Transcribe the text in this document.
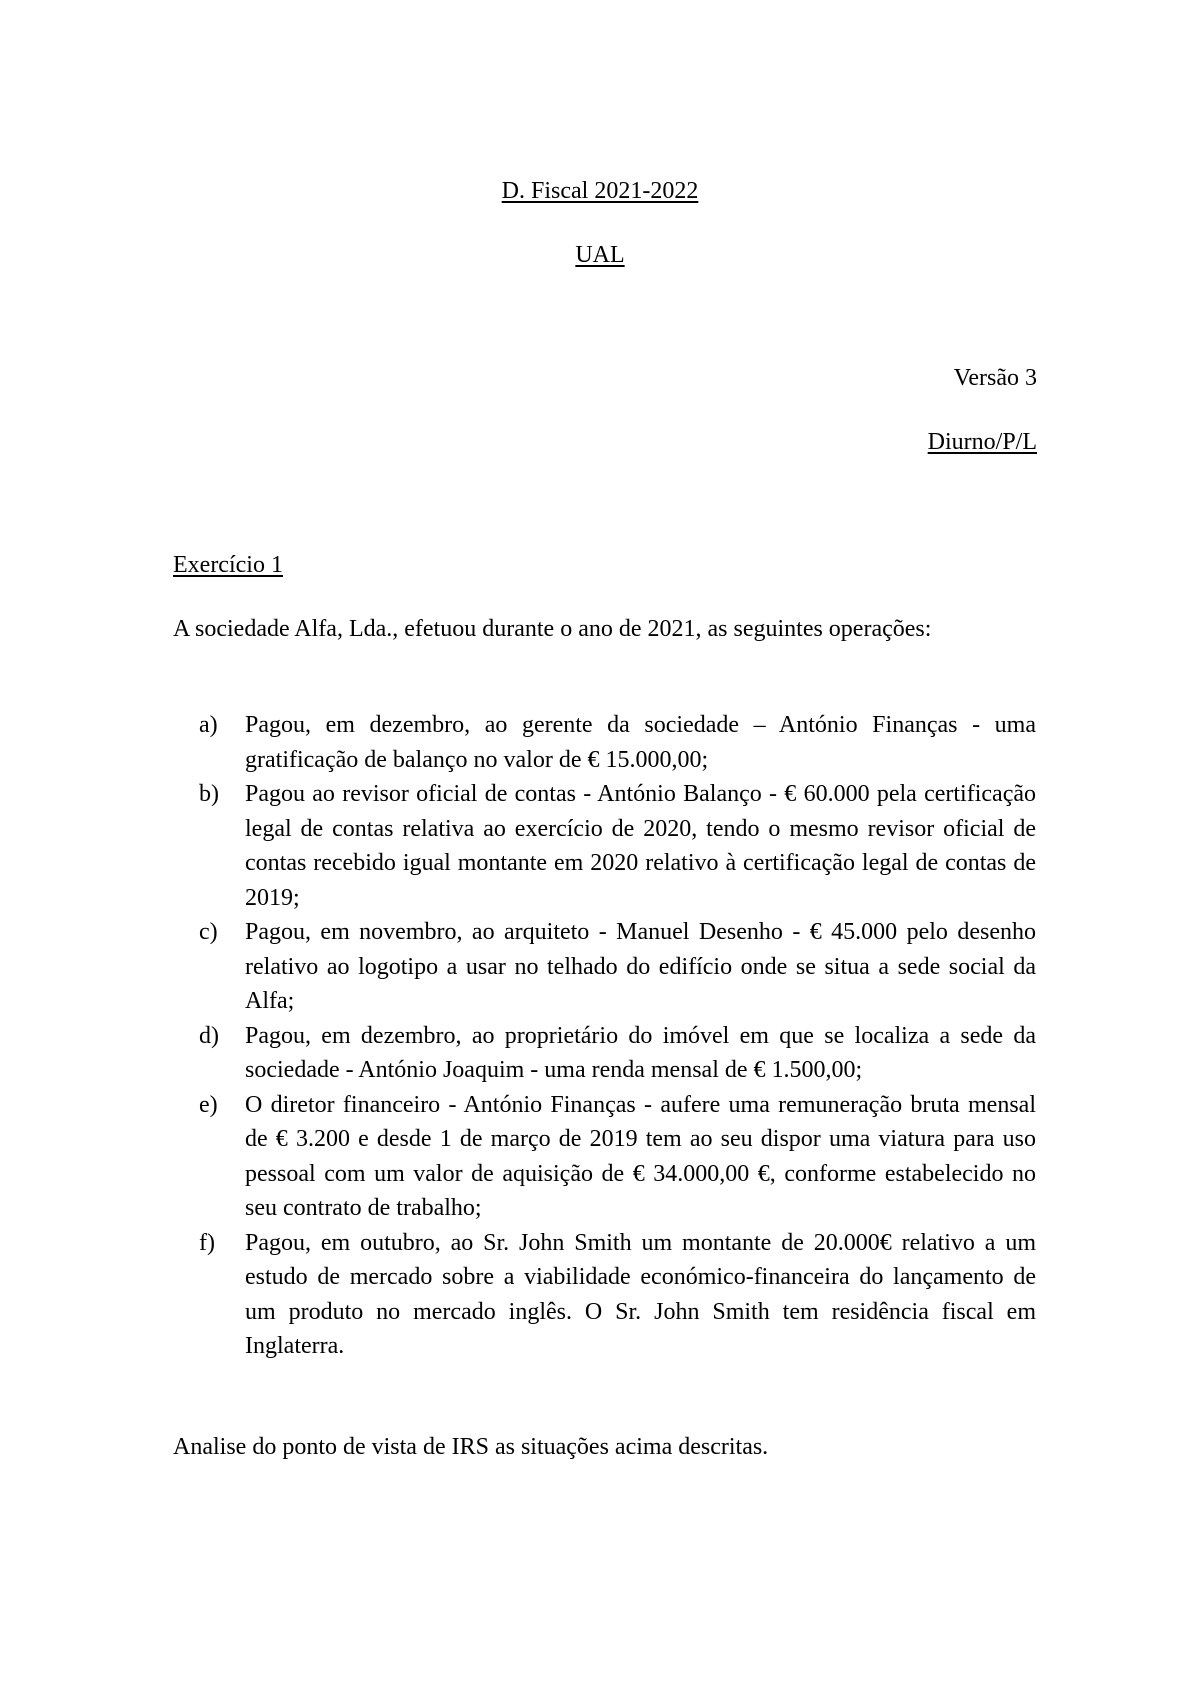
D. Fiscal 2021-2022
UAL
Versão 3
Diurno/P/L
Exercício 1
A sociedade Alfa, Lda., efetuou durante o ano de 2021, as seguintes operações:
a) Pagou, em dezembro, ao gerente da sociedade – António Finanças - uma gratificação de balanço no valor de € 15.000,00;
b) Pagou ao revisor oficial de contas - António Balanço - € 60.000 pela certificação legal de contas relativa ao exercício de 2020, tendo o mesmo revisor oficial de contas recebido igual montante em 2020 relativo à certificação legal de contas de 2019;
c) Pagou, em novembro, ao arquiteto - Manuel Desenho - € 45.000 pelo desenho relativo ao logotipo a usar no telhado do edifício onde se situa a sede social da Alfa;
d) Pagou, em dezembro, ao proprietário do imóvel em que se localiza a sede da sociedade - António Joaquim - uma renda mensal de € 1.500,00;
e) O diretor financeiro - António Finanças - aufere uma remuneração bruta mensal de € 3.200 e desde 1 de março de 2019 tem ao seu dispor uma viatura para uso pessoal com um valor de aquisição de € 34.000,00 €, conforme estabelecido no seu contrato de trabalho;
f) Pagou, em outubro, ao Sr. John Smith um montante de 20.000€ relativo a um estudo de mercado sobre a viabilidade económico-financeira do lançamento de um produto no mercado inglês. O Sr. John Smith tem residência fiscal em Inglaterra.
Analise do ponto de vista de IRS as situações acima descritas.
